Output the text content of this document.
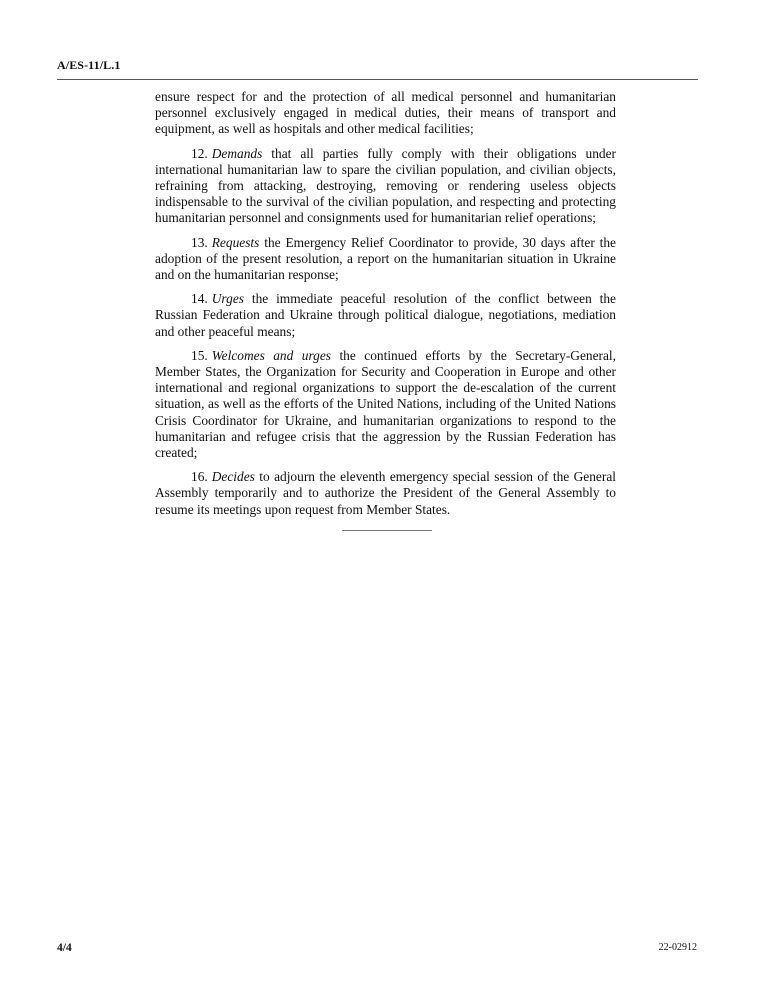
A/ES-11/L.1

ensure respect for and the protection of all medical personnel and humanitarian personnel exclusively engaged in medical duties, their means of transport and equipment, as well as hospitals and other medical facilities;

12. Demands that all parties fully comply with their obligations under international humanitarian law to spare the civilian population, and civilian objects, refraining from attacking, destroying, removing or rendering useless objects indispensable to the survival of the civilian population, and respecting and protecting humanitarian personnel and consignments used for humanitarian relief operations;

13. Requests the Emergency Relief Coordinator to provide, 30 days after the adoption of the present resolution, a report on the humanitarian situation in Ukraine and on the humanitarian response;

14. Urges the immediate peaceful resolution of the conflict between the Russian Federation and Ukraine through political dialogue, negotiations, mediation and other peaceful means;

15. Welcomes and urges the continued efforts by the Secretary-General, Member States, the Organization for Security and Cooperation in Europe and other international and regional organizations to support the de-escalation of the current situation, as well as the efforts of the United Nations, including of the United Nations Crisis Coordinator for Ukraine, and humanitarian organizations to respond to the humanitarian and refugee crisis that the aggression by the Russian Federation has created;

16. Decides to adjourn the eleventh emergency special session of the General Assembly temporarily and to authorize the President of the General Assembly to resume its meetings upon request from Member States.

4/4	22-02912
